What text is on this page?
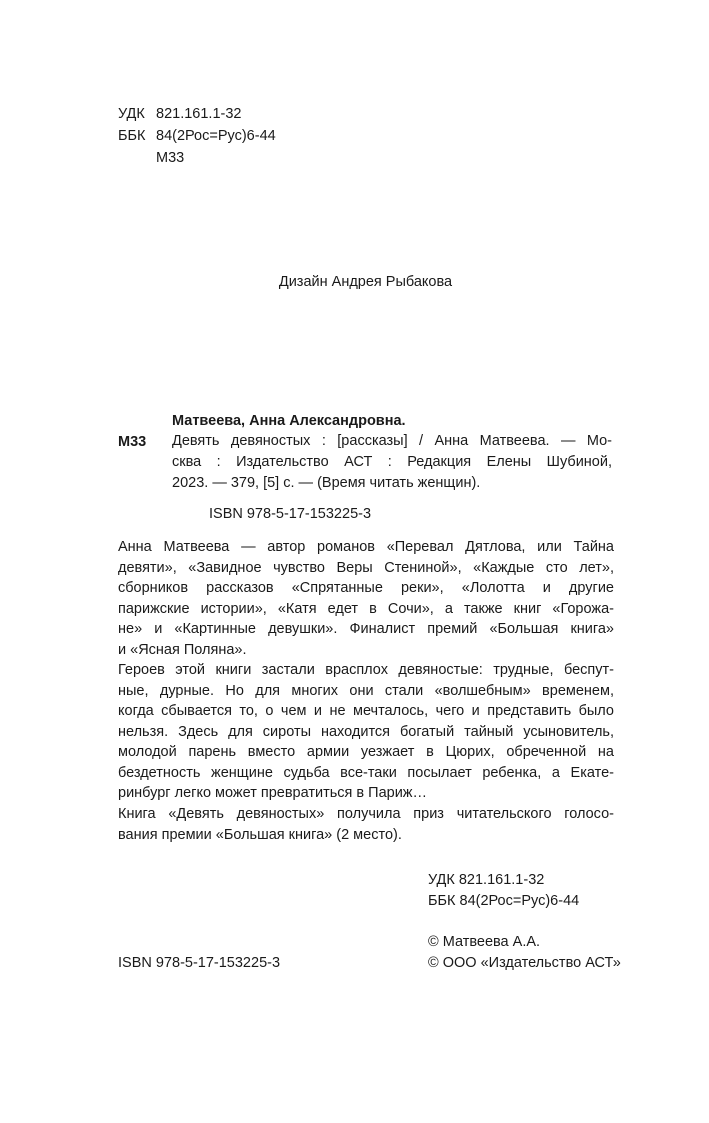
УДК 821.161.1-32
ББК 84(2Рос=Рус)6-44
М33
Дизайн Андрея Рыбакова
Матвеева, Анна Александровна.
М33 Девять девяностых : [рассказы] / Анна Матвеева. — Мо-
сква : Издательство АСТ : Редакция Елены Шубиной,
2023. — 379, [5] с. — (Время читать женщин).
ISBN 978-5-17-153225-3
Анна Матвеева — автор романов «Перевал Дятлова, или Тайна
девяти», «Завидное чувство Веры Стениной», «Каждые сто лет»,
сборников рассказов «Спрятанные реки», «Лолотта и другие
парижские истории», «Катя едет в Сочи», а также книг «Горожа-
не» и «Картинные девушки». Финалист премий «Большая книга»
и «Ясная Поляна».
Героев этой книги застали врасплох девяностые: трудные, беспут-
ные, дурные. Но для многих они стали «волшебным» временем,
когда сбывается то, о чем и не мечталось, чего и представить было
нельзя. Здесь для сироты находится богатый тайный усыновитель,
молодой парень вместо армии уезжает в Цюрих, обреченной на
бездетность женщине судьба все-таки посылает ребенка, а Екате-
ринбург легко может превратиться в Париж…
Книга «Девять девяностых» получила приз читательского голосо-
вания премии «Большая книга» (2 место).
УДК 821.161.1-32
ББК 84(2Рос=Рус)6-44
© Матвеева А.А.
ISBN 978-5-17-153225-3	© ООО «Издательство АСТ»
